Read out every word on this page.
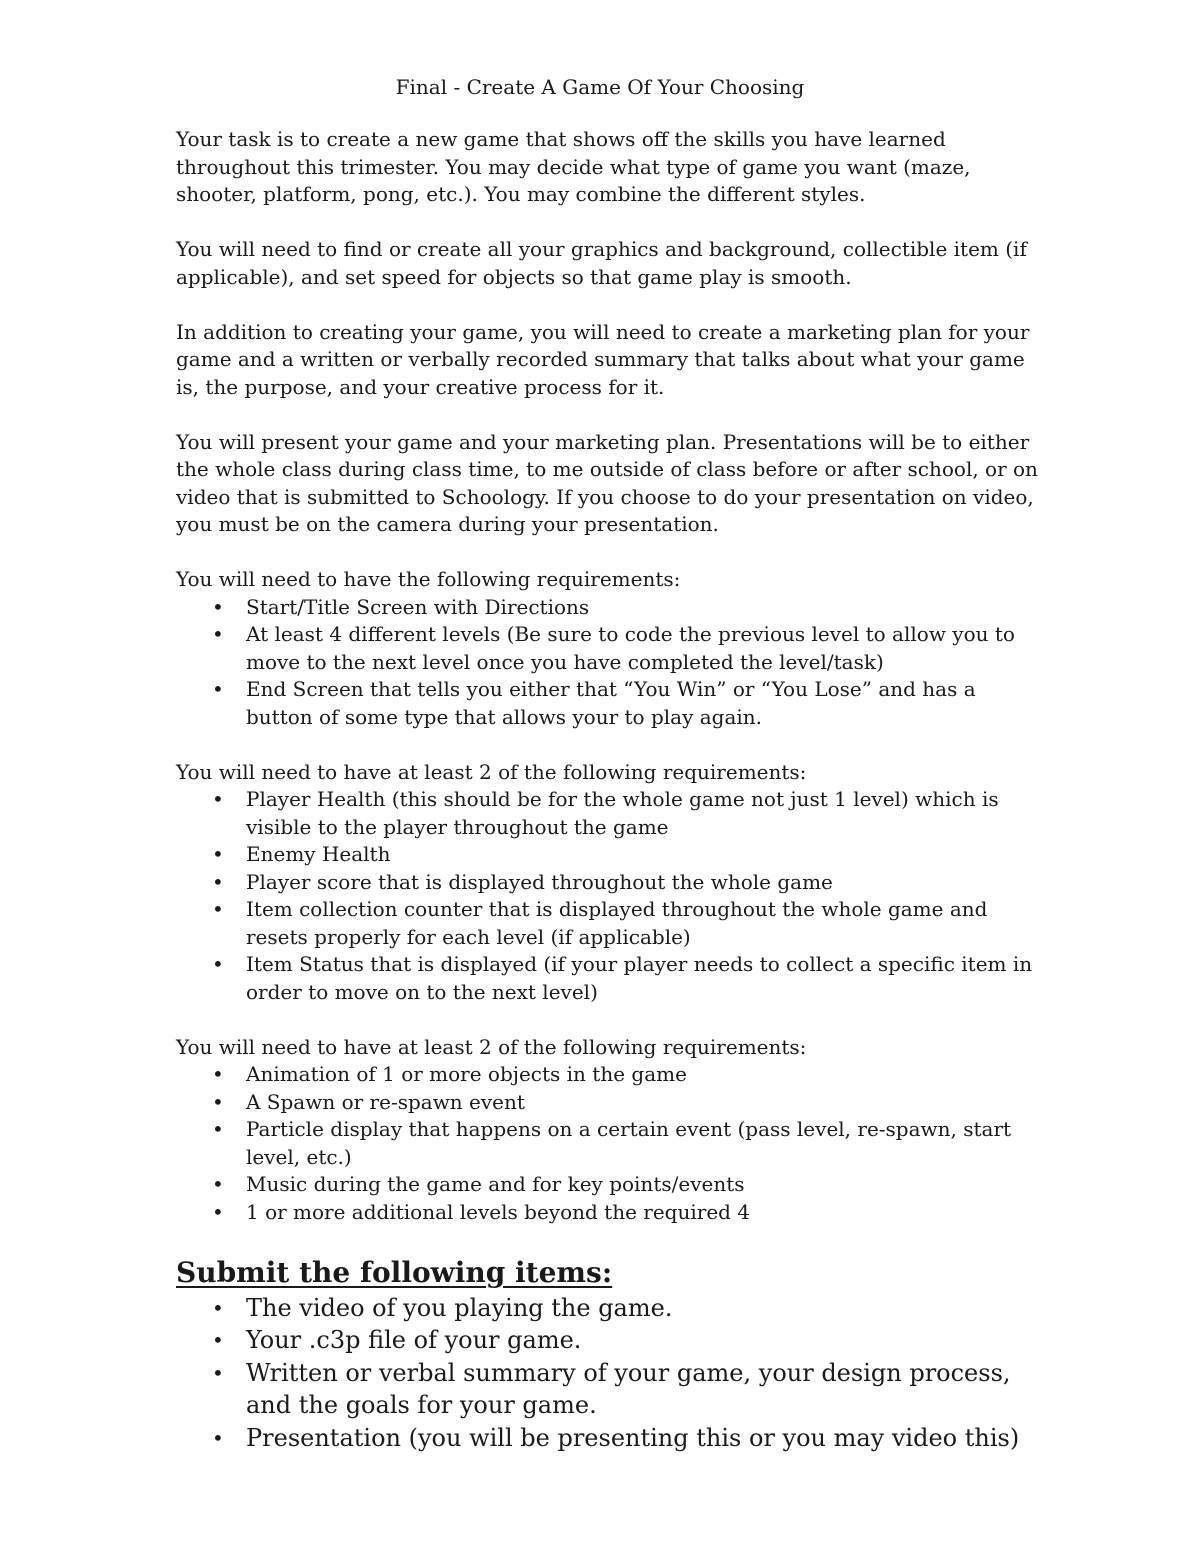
Final - Create A Game Of Your Choosing

Your task is to create a new game that shows off the skills you have learned throughout this trimester. You may decide what type of game you want (maze, shooter, platform, pong, etc.). You may combine the different styles.

You will need to find or create all your graphics and background, collectible item (if applicable), and set speed for objects so that game play is smooth.

In addition to creating your game, you will need to create a marketing plan for your game and a written or verbally recorded summary that talks about what your game is, the purpose, and your creative process for it.

You will present your game and your marketing plan. Presentations will be to either the whole class during class time, to me outside of class before or after school, or on video that is submitted to Schoology. If you choose to do your presentation on video, you must be on the camera during your presentation.

You will need to have the following requirements:

• Start/Title Screen with Directions
• At least 4 different levels (Be sure to code the previous level to allow you to move to the next level once you have completed the level/task)
• End Screen that tells you either that “You Win” or “You Lose” and has a button of some type that allows your to play again.

You will need to have at least 2 of the following requirements:

• Player Health (this should be for the whole game not just 1 level) which is visible to the player throughout the game
• Enemy Health
• Player score that is displayed throughout the whole game
• Item collection counter that is displayed throughout the whole game and resets properly for each level (if applicable)
• Item Status that is displayed (if your player needs to collect a specific item in order to move on to the next level)

You will need to have at least 2 of the following requirements:

• Animation of 1 or more objects in the game
• A Spawn or re-spawn event
• Particle display that happens on a certain event (pass level, re-spawn, start level, etc.)
• Music during the game and for key points/events
• 1 or more additional levels beyond the required 4
Submit the following items:
• The video of you playing the game.
• Your .c3p file of your game.
• Written or verbal summary of your game, your design process, and the goals for your game.
• Presentation (you will be presenting this or you may video this)
